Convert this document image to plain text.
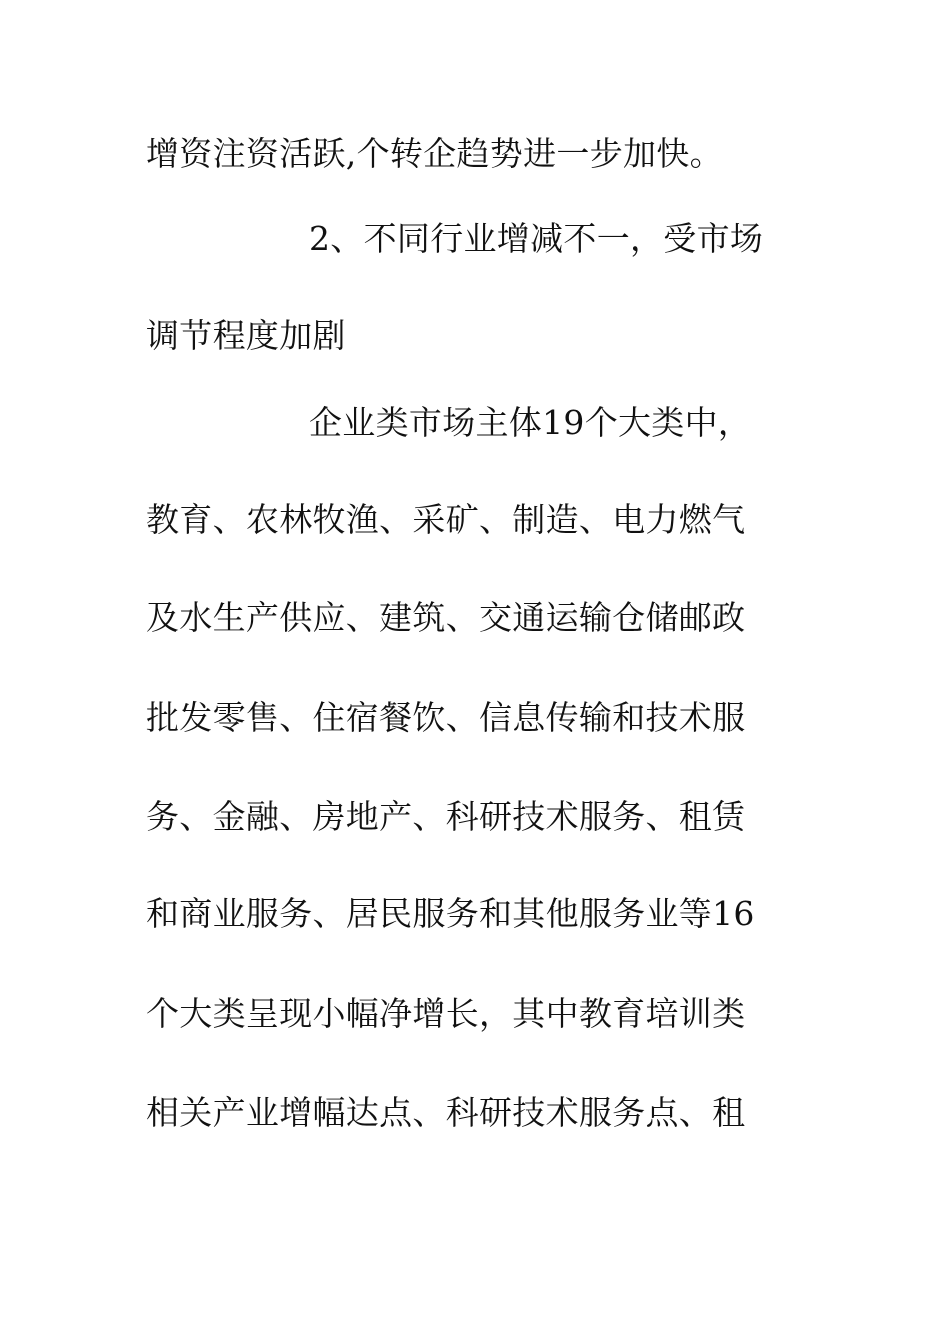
增资注资活跃,个转企趋势进一步加快。
2、不同行业增减不一，受市场
调节程度加剧
企业类市场主体19个大类中，
教育、农林牧渔、采矿、制造、电力燃气
及水生产供应、建筑、交通运输仓储邮政
批发零售、住宿餐饮、信息传输和技术服
务、金融、房地产、科研技术服务、租赁
和商业服务、居民服务和其他服务业等16
个大类呈现小幅净增长，其中教育培训类
相关产业增幅达点、科研技术服务点、租
